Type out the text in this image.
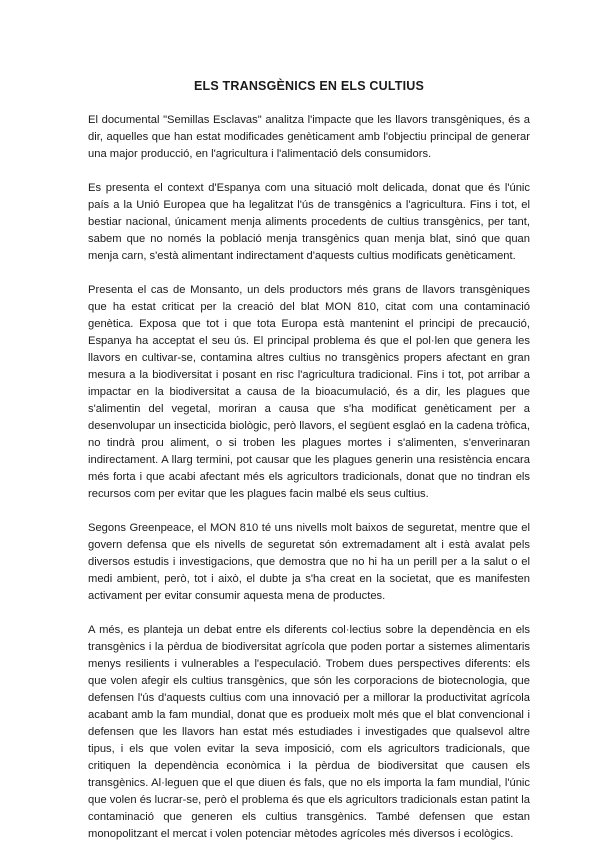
ELS TRANSGÈNICS EN ELS CULTIUS

El documental "Semillas Esclavas" analitza l'impacte que les llavors transgèniques, és a dir, aquelles que han estat modificades genèticament amb l'objectiu principal de generar una major producció, en l'agricultura i l'alimentació dels consumidors.

Es presenta el context d'Espanya com una situació molt delicada, donat que és l'únic país a la Unió Europea que ha legalitzat l'ús de transgènics a l'agricultura. Fins i tot, el bestiar nacional, únicament menja aliments procedents de cultius transgènics, per tant, sabem que no només la població menja transgènics quan menja blat, sinó que quan menja carn, s'està alimentant indirectament d'aquests cultius modificats genèticament.

Presenta el cas de Monsanto, un dels productors més grans de llavors transgèniques que ha estat criticat per la creació del blat MON 810, citat com una contaminació genètica. Exposa que tot i que tota Europa està mantenint el principi de precaució, Espanya ha acceptat el seu ús. El principal problema és que el pol·len que genera les llavors en cultivar-se, contamina altres cultius no transgènics propers afectant en gran mesura a la biodiversitat i posant en risc l'agricultura tradicional. Fins i tot, pot arribar a impactar en la biodiversitat a causa de la bioacumulació, és a dir, les plagues que s'alimentin del vegetal, moriran a causa que s'ha modificat genèticament per a desenvolupar un insecticida biològic, però llavors, el següent esglaó en la cadena tròfica, no tindrà prou aliment, o si troben les plagues mortes i s'alimenten, s'enverinaran indirectament. A llarg termini, pot causar que les plagues generin una resistència encara més forta i que acabi afectant més els agricultors tradicionals, donat que no tindran els recursos com per evitar que les plagues facin malbé els seus cultius.

Segons Greenpeace, el MON 810 té uns nivells molt baixos de seguretat, mentre que el govern defensa que els nivells de seguretat són extremadament alt i està avalat pels diversos estudis i investigacions, que demostra que no hi ha un perill per a la salut o el medi ambient, però, tot i això, el dubte ja s'ha creat en la societat, que es manifesten activament per evitar consumir aquesta mena de productes.

A més, es planteja un debat entre els diferents col·lectius sobre la dependència en els transgènics i la pèrdua de biodiversitat agrícola que poden portar a sistemes alimentaris menys resilients i vulnerables a l'especulació. Trobem dues perspectives diferents: els que volen afegir els cultius transgènics, que són les corporacions de biotecnologia, que defensen l'ús d'aquests cultius com una innovació per a millorar la productivitat agrícola acabant amb la fam mundial, donat que es produeix molt més que el blat convencional i defensen que les llavors han estat més estudiades i investigades que qualsevol altre tipus, i els que volen evitar la seva imposició, com els agricultors tradicionals, que critiquen la dependència econòmica i la pèrdua de biodiversitat que causen els transgènics. Al·leguen que el que diuen és fals, que no els importa la fam mundial, l'únic que volen és lucrar-se, però el problema és que els agricultors tradicionals estan patint la contaminació que generen els cultius transgènics. També defensen que estan monopolitzant el mercat i volen potenciar mètodes agrícoles més diversos i ecològics.
